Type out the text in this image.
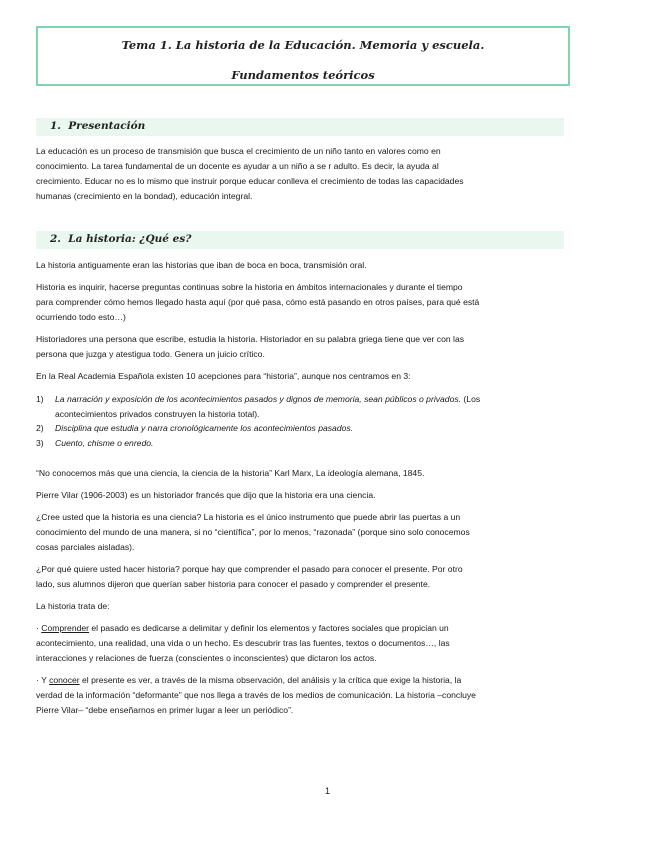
Tema 1. La historia de la Educación. Memoria y escuela.
Fundamentos teóricos
1. Presentación
La educación es un proceso de transmisión que busca el crecimiento de un niño tanto en valores como en
conocimiento. La tarea fundamental de un docente es ayudar a un niño a se r adulto. Es decir, la ayuda al
crecimiento. Educar no es lo mismo que instruir porque educar conlleva el crecimiento de todas las capacidades
humanas (crecimiento en la bondad), educación integral.
2. La historia: ¿Qué es?
La historia antiguamente eran las historias que iban de boca en boca, transmisión oral.
Historia es inquirir, hacerse preguntas continuas sobre la historia en ámbitos internacionales y durante el tiempo
para comprender cómo hemos llegado hasta aquí (por qué pasa, cómo está pasando en otros países, para qué está
ocurriendo todo esto…)
Historiadores una persona que escribe, estudia la historia. Historiador en su palabra griega tiene que ver con las
persona que juzga y atestigua todo. Genera un juicio crítico.
En la Real Academia Española existen 10 acepciones para “historia”, aunque nos centramos en 3:
1) La narración y exposición de los acontecimientos pasados y dignos de memoria, sean públicos o privados. (Los
acontecimientos privados construyen la historia total).
2) Disciplina que estudia y narra cronológicamente los acontecimientos pasados.
3) Cuento, chisme o enredo.
“No conocemos más que una ciencia, la ciencia de la historia” Karl Marx, La ideología alemana, 1845.
Pierre Vilar (1906-2003) es un historiador francés que dijo que la historia era una ciencia.
¿Cree usted que la historia es una ciencia? La historia es el único instrumento que puede abrir las puertas a un
conocimiento del mundo de una manera, si no “científica”, por lo menos, “razonada” (porque sino solo conocemos
cosas parciales aisladas).
¿Por qué quiere usted hacer historia? porque hay que comprender el pasado para conocer el presente. Por otro
lado, sus alumnos dijeron que querían saber historia para conocer el pasado y comprender el presente.
La historia trata de:
· Comprender el pasado es dedicarse a delimitar y definir los elementos y factores sociales que propician un
acontecimiento, una realidad, una vida o un hecho. Es descubrir tras las fuentes, textos o documentos…, las
interacciones y relaciones de fuerza (conscientes o inconscientes) que dictaron los actos.
· Y conocer el presente es ver, a través de la misma observación, del análisis y la crítica que exige la historia, la
verdad de la información “deformante” que nos llega a través de los medios de comunicación. La historia –concluye
Pierre Vilar– “debe enseñarnos en primer lugar a leer un periódico”.
1
